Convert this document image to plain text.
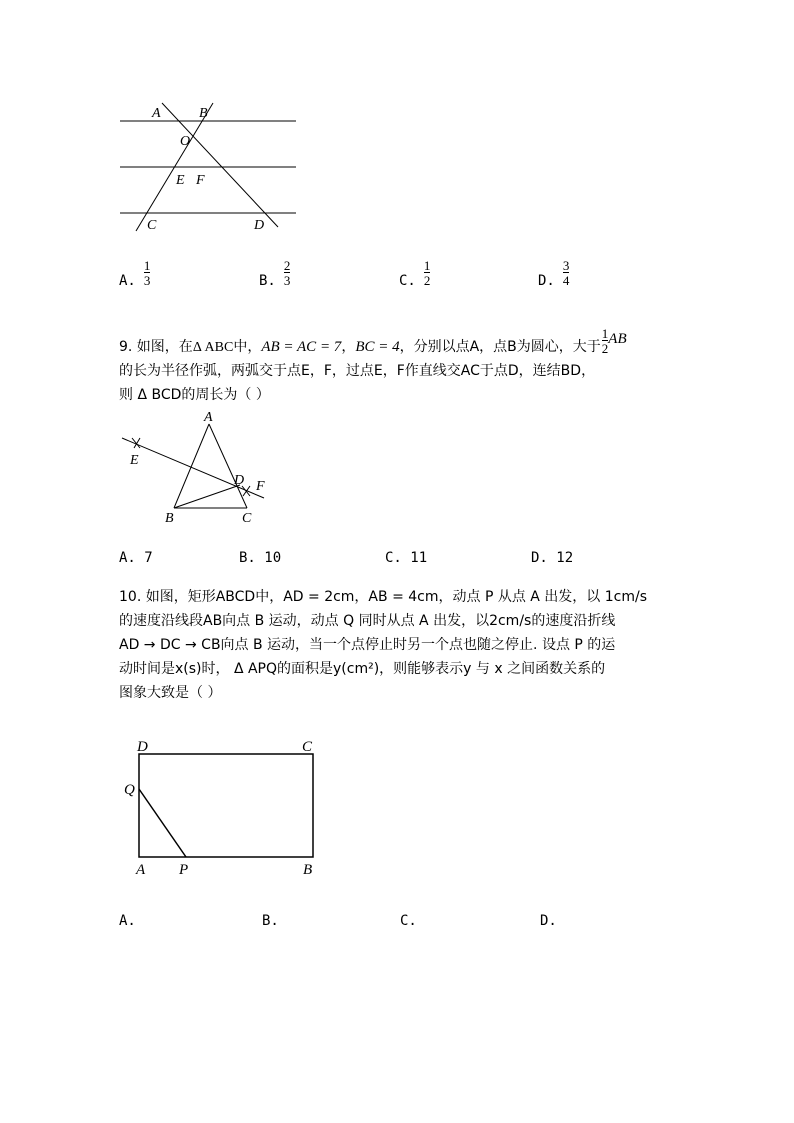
A	B
O
E F
C	D
A. $\frac{1}{3}$	B. $\frac{2}{3}$	C. $\frac{1}{2}$	D. $\frac{3}{4}$
9. 如图，在Δ ABC中，AB = AC = 7，BC = 4，分别以点A，点B为圆心，大于 $\frac{1}{2}$ AB
的长为半径作弧，两弧交于点E，F，过点E，F作直线交AC于点D，连结BD，
则 Δ BCD的周长为（ ）
A
E
D F
B	C
A. 7	B. 10	C. 11	D. 12
10. 如图，矩形ABCD中，AD = 2cm，AB = 4cm，动点 P 从点 A 出发，以 1cm/s
的速度沿线段AB向点 B 运动，动点 Q 同时从点 A 出发，以2cm/s的速度沿折线
AD → DC → CB向点 B 运动，当一个点停止时另一个点也随之停止. 设点 P 的运
动时间是x(s)时， Δ APQ的面积是y(cm²)，则能够表示y 与 x 之间函数关系的
图象大致是（ ）
D	C
Q
A P	B
A.	B.	C.	D.
